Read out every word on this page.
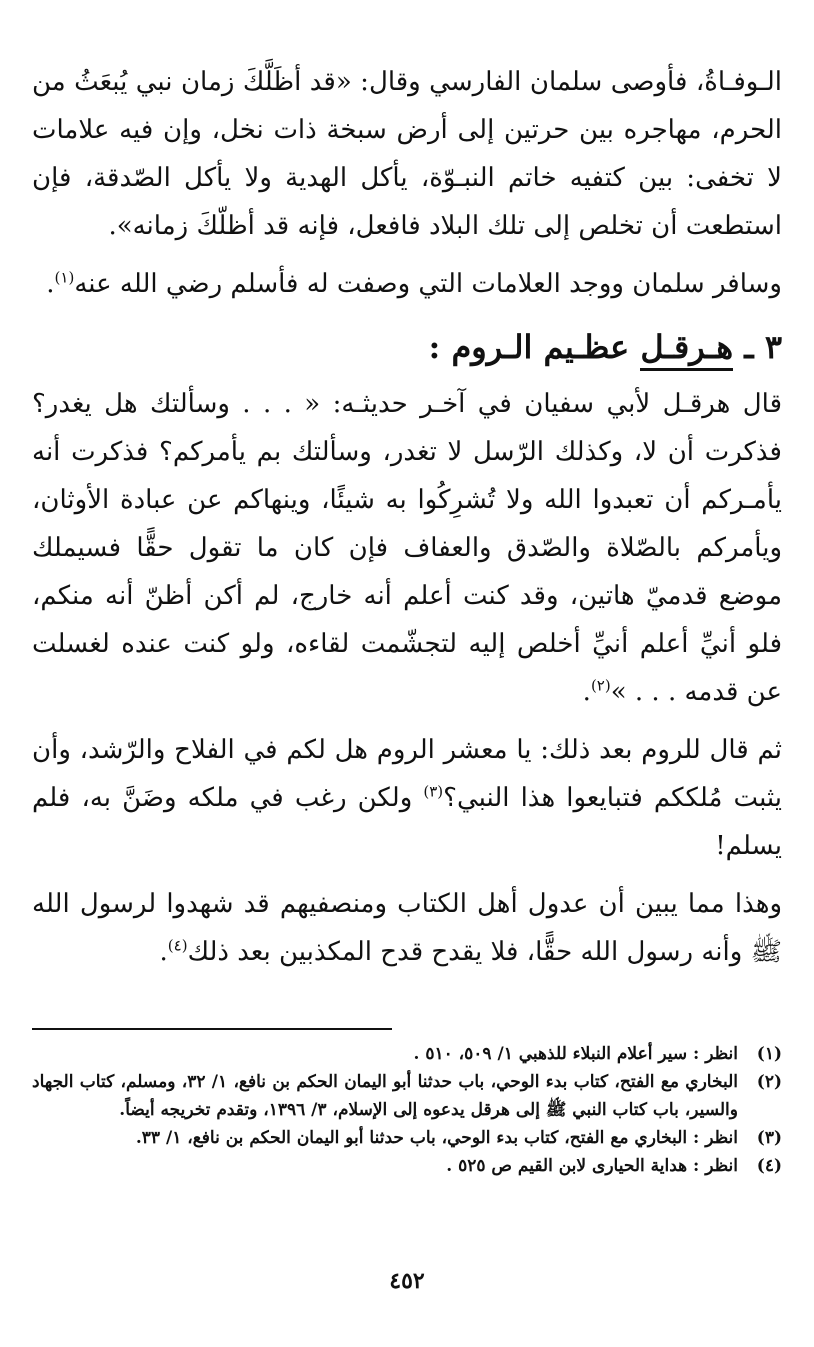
الـوفـاةُ، فأوصى سلمان الفارسي وقال: «قد أظَلَّكَ زمان نبي يُبعَثُ من الحرم، مهاجره بين حرتين إلى أرض سبخة ذات نخل، وإن فيه علامات لا تخفى: بين كتفيه خاتم النبـوّة، يأكل الهدية ولا يأكل الصّدقة، فإن استطعت أن تخلص إلى تلك البلاد فافعل، فإنه قد أظلّكَ زمانه».

وسافر سلمان ووجد العلامات التي وصفت له فأسلم رضي الله عنه$^{(١)}$.

٣ ـ هـرقـل عظـيم الـروم :

قال هرقـل لأبي سفيان في آخـر حديثـه: « . . . وسألتك هل يغدر؟ فذكرت أن لا، وكذلك الرّسل لا تغدر، وسألتك بم يأمركم؟ فذكرت أنه يأمـركم أن تعبدوا الله ولا تُشرِكُوا به شيئًا، وينهاكم عن عبادة الأوثان، ويأمركم بالصّلاة والصّدق والعفاف فإن كان ما تقول حقًّا فسيملك موضع قدميّ هاتين، وقد كنت أعلم أنه خارج، لم أكن أظنّ أنه منكم، فلو أنيِّ أعلم أنيِّ أخلص إليه لتجشّمت لقاءه، ولو كنت عنده لغسلت عن قدمه . . . »$^{(٢)}$.

ثم قال للروم بعد ذلك: يا معشر الروم هل لكم في الفلاح والرّشد، وأن يثبت مُلككم فتبايعوا هذا النبي؟$^{(٣)}$ ولكن رغب في ملكه وضَنَّ به، فلم يسلم!

وهذا مما يبين أن عدول أهل الكتاب ومنصفيهم قد شهدوا لرسول الله ﷺ وأنه رسول الله حقًّا، فلا يقدح قدح المكذبين بعد ذلك$^{(٤)}$.

(١)
انظر : سير أعلام النبلاء للذهبي ١/ ٥٠٩، ٥١٠ .
(٢)
البخاري مع الفتح، كتاب بدء الوحي، باب حدثنا أبو اليمان الحكم بن نافع، ١/ ٣٢، ومسلم، كتاب الجهاد والسير، باب كتاب النبي ﷺ إلى هرقل يدعوه إلى الإسلام، ٣/ ١٣٩٦، وتقدم تخريجه أيضاً.
(٣)
انظر : البخاري مع الفتح، كتاب بدء الوحي، باب حدثنا أبو اليمان الحكم بن نافع، ١/ ٣٣.
(٤)
انظر : هداية الحيارى لابن القيم ص ٥٢٥ .
٤٥٢
